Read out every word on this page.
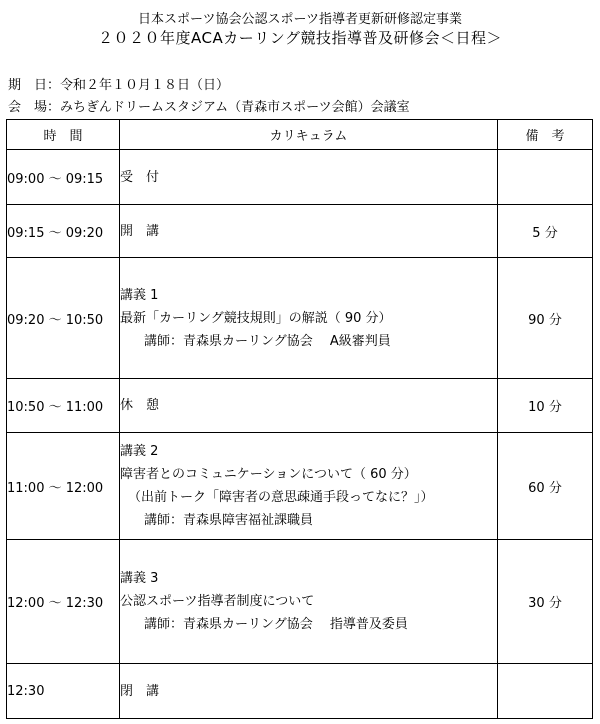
日本スポーツ協会公認スポーツ指導者更新研修認定事業
２０２０年度ACAカーリング競技指導普及研修会＜日程＞
期　日：令和２年１０月１８日（日）
会　場：みちぎんドリームスタジアム（青森市スポーツ会館）会議室
時　間	カリキュラム	備　考
09:00 ～ 09:15	受　付	

09:15 ～ 09:20	開　講	5 分
09:20 ～ 10:50	講義 1
最新「カーリング競技規則」の解説（ 90 分）
講師：青森県カーリング協会　 A級審判員	90 分
10:50 ～ 11:00	休　憩	10 分
11:00 ～ 12:00	講義 2
障害者とのコミュニケーションについて（ 60 分）
（出前トーク「障害者の意思疎通手段ってなに？」）
講師：青森県障害福祉課職員	60 分
12:00 ～ 12:30	講義 3
公認スポーツ指導者制度について
講師：青森県カーリング協会　 指導普及委員	30 分
12:30	閉　講	
